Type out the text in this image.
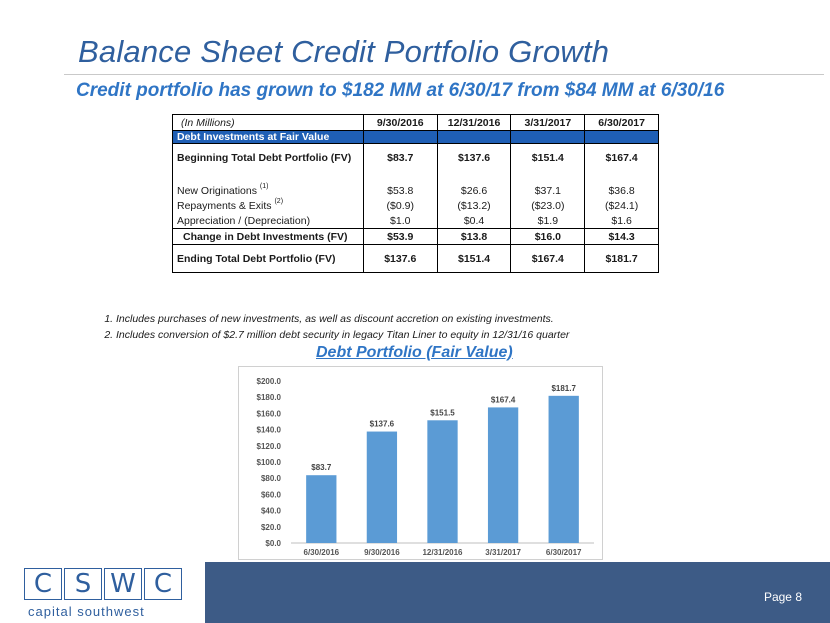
Balance Sheet Credit Portfolio Growth
Credit portfolio has grown to $182 MM at 6/30/17 from $84 MM at 6/30/16
(In Millions)	9/30/2016	12/31/2016	3/31/2017	6/30/2017
Debt Investments at Fair Value				
Beginning Total Debt Portfolio (FV)	$83.7	$137.6	$151.4	$167.4

New Originations $^{(1)}$	$53.8	$26.6	$37.1	$36.8
Repayments & Exits $^{(2)}$	($0.9)	($13.2)	($23.0)	($24.1)
Appreciation / (Depreciation)	$1.0	$0.4	$1.9	$1.6
Change in Debt Investments (FV)	$53.9	$13.8	$16.0	$14.3
Ending Total Debt Portfolio (FV)	$137.6	$151.4	$167.4	$181.7
1. Includes purchases of new investments, as well as discount accretion on existing investments.
2. Includes conversion of $2.7 million debt security in legacy Titan Liner to equity in 12/31/16 quarter
Debt Portfolio (Fair Value)
$0.0
$20.0
$40.0
$60.0
$80.0
$100.0
$120.0
$140.0
$160.0
$180.0
$200.0
$83.7
6/30/2016
$137.6
9/30/2016
$151.5
12/31/2016
$167.4
3/31/2017
$181.7
6/30/2017
C S W C
capital southwest
Page 8
